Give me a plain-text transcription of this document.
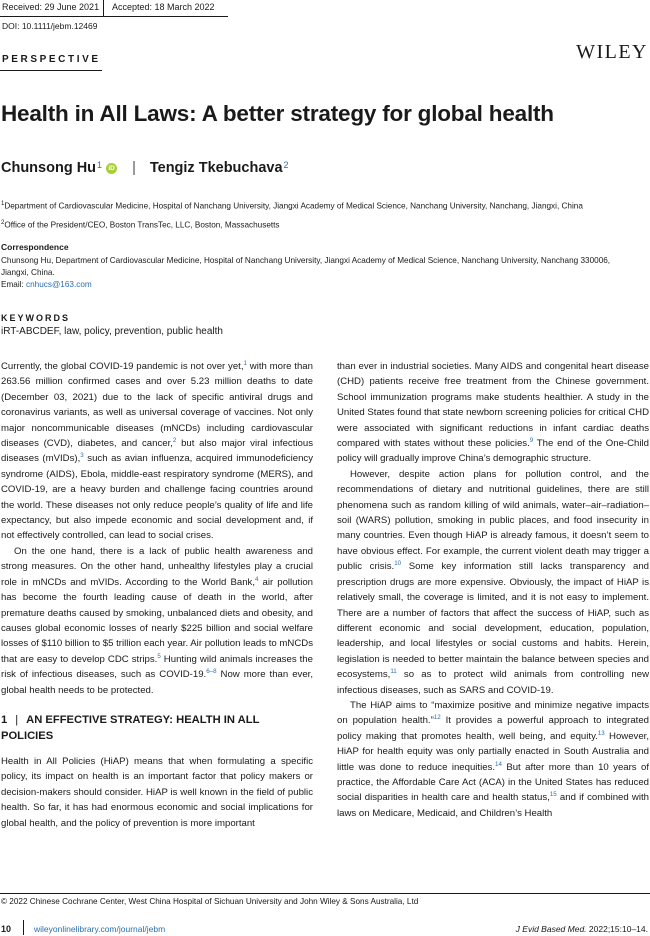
Received: 29 June 2021 Accepted: 18 March 2022
DOI: 10.1111/jebm.12469
PERSPECTIVE	WILEY
Health in All Laws: A better strategy for global health
Chunsong Hu$^1$ iD | Tengiz Tkebuchava$^2$
$^1$Department of Cardiovascular Medicine, Hospital of Nanchang University, Jiangxi Academy of Medical Science, Nanchang University, Nanchang, Jiangxi, China
$^2$Office of the President/CEO, Boston TransTec, LLC, Boston, Massachusetts
Correspondence
Chunsong Hu, Department of Cardiovascular Medicine, Hospital of Nanchang University, Jiangxi Academy of Medical Science, Nanchang University, Nanchang 330006, Jiangxi, China.
Email: cnhucs@163.com
KEYWORDS
iRT-ABCDEF, law, policy, prevention, public health

Currently, the global COVID-19 pandemic is not over yet,$^1$ with more than 263.56 million confirmed cases and over 5.23 million deaths to date (December 03, 2021) due to the lack of specific antiviral drugs and coronavirus variants, as well as universal coverage of vaccines. Not only major noncommunicable diseases (mNCDs) including cardiovascular diseases (CVD), diabetes, and cancer,$^2$ but also major viral infectious diseases (mVIDs),$^3$ such as avian influenza, acquired immunodeficiency syndrome (AIDS), Ebola, middle-east respiratory syndrome (MERS), and COVID-19, are a heavy burden and challenge facing countries around the world. These diseases not only reduce people’s quality of life and life expectancy, but also impede economic and social development and, if not effectively controlled, can lead to social crises.

On the one hand, there is a lack of public health awareness and strong measures. On the other hand, unhealthy lifestyles play a crucial role in mNCDs and mVIDs. According to the World Bank,$^4$ air pollution has become the fourth leading cause of death in the world, after premature deaths caused by smoking, unbalanced diets and obesity, and causes global economic losses of nearly $225 billion and social welfare losses of $110 billion to $5 trillion each year. Air pollution leads to mNCDs that are easy to develop CDC strips.$^5$ Hunting wild animals increases the risk of infectious diseases, such as COVID-19.$^{6-8}$ Now more than ever, global health needs to be protected.

1 | AN EFFECTIVE STRATEGY: HEALTH IN ALL POLICIES

Health in All Policies (HiAP) means that when formulating a specific policy, its impact on health is an important factor that policy makers or decision-makers should consider. HiAP is well known in the field of public health. So far, it has had enormous economic and social implications for global health, and the policy of prevention is more important

than ever in industrial societies. Many AIDS and congenital heart disease (CHD) patients receive free treatment from the Chinese government. School immunization programs make students healthier. A study in the United States found that state newborn screening policies for critical CHD were associated with significant reductions in infant cardiac deaths compared with states without these policies.$^9$ The end of the One-Child policy will gradually improve China’s demographic structure.

However, despite action plans for pollution control, and the recommendations of dietary and nutritional guidelines, there are still phenomena such as random killing of wild animals, water–air–radiation–soil (WARS) pollution, smoking in public places, and food insecurity in many countries. Even though HiAP is already famous, it doesn’t seem to have obvious effect. For example, the current violent death may trigger a public crisis.$^{10}$ Some key information still lacks transparency and prescription drugs are more expensive. Obviously, the impact of HiAP is relatively small, the coverage is limited, and it is not easy to implement. There are a number of factors that affect the success of HiAP, such as different economic and social development, education, population, leadership, and local lifestyles or social customs and habits. Herein, legislation is needed to better maintain the balance between species and ecosystems,$^{11}$ so as to protect wild animals from controlling new infectious diseases, such as SARS and COVID-19.

The HiAP aims to “maximize positive and minimize negative impacts on population health.”$^{12}$ It provides a powerful approach to integrated policy making that promotes health, well being, and equity.$^{13}$ However, HiAP for health equity was only partially enacted in South Australia and little was done to reduce inequities.$^{14}$ But after more than 10 years of practice, the Affordable Care Act (ACA) in the United States has reduced social disparities in health care and health status,$^{15}$ and if combined with laws on Medicare, Medicaid, and Children’s Health

© 2022 Chinese Cochrane Center, West China Hospital of Sichuan University and John Wiley & Sons Australia, Ltd
10	wileyonlinelibrary.com/journal/jebm	J Evid Based Med. 2022;15:10–14.
